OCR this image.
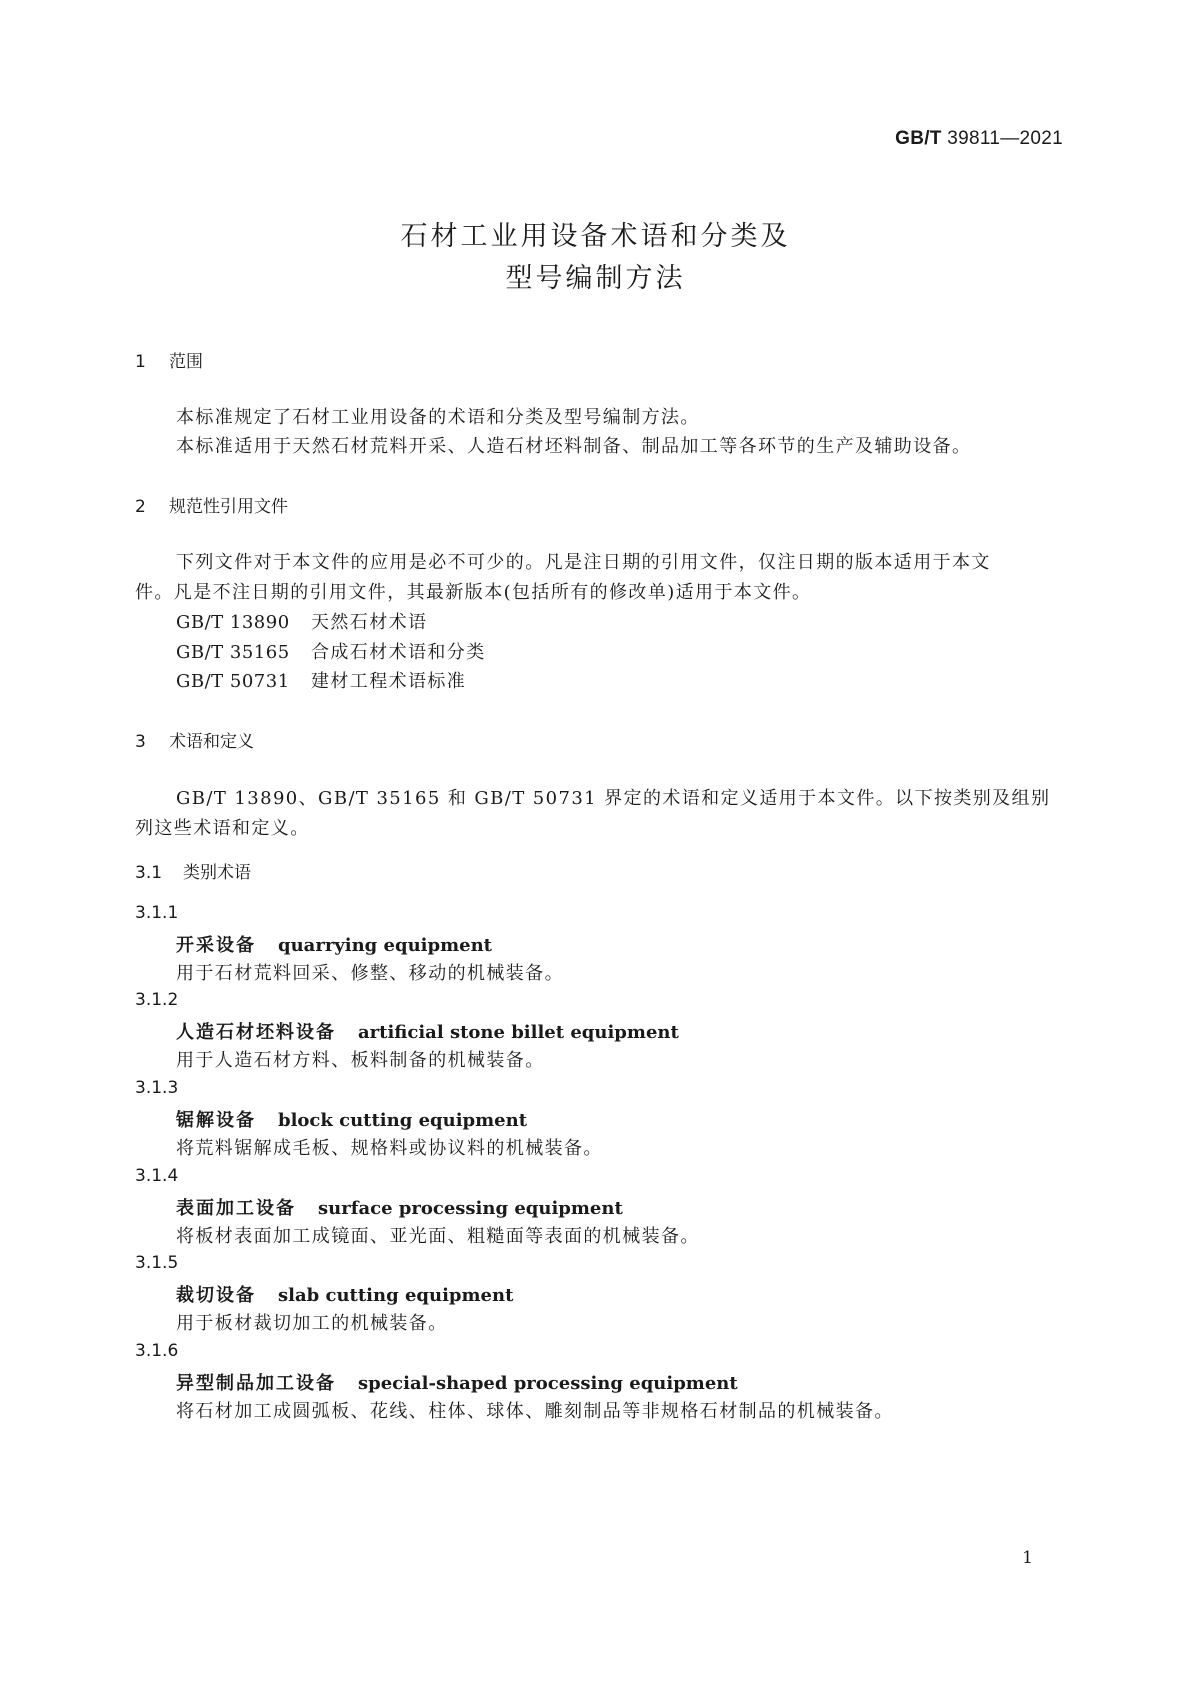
GB/T 39811—2021
石材工业用设备术语和分类及
型号编制方法
1 范围
本标准规定了石材工业用设备的术语和分类及型号编制方法。
本标准适用于天然石材荒料开采、人造石材坯料制备、制品加工等各环节的生产及辅助设备。
2 规范性引用文件
下列文件对于本文件的应用是必不可少的。凡是注日期的引用文件，仅注日期的版本适用于本文
件。凡是不注日期的引用文件，其最新版本(包括所有的修改单)适用于本文件。
GB/T 13890 天然石材术语
GB/T 35165 合成石材术语和分类
GB/T 50731 建材工程术语标准
3 术语和定义
GB/T 13890、GB/T 35165 和 GB/T 50731 界定的术语和定义适用于本文件。以下按类别及组别
列这些术语和定义。
3.1 类别术语
3.1.1
开采设备 quarrying equipment
用于石材荒料回采、修整、移动的机械装备。
3.1.2
人造石材坯料设备 artificial stone billet equipment
用于人造石材方料、板料制备的机械装备。
3.1.3
锯解设备 block cutting equipment
将荒料锯解成毛板、规格料或协议料的机械装备。
3.1.4
表面加工设备 surface processing equipment
将板材表面加工成镜面、亚光面、粗糙面等表面的机械装备。
3.1.5
裁切设备 slab cutting equipment
用于板材裁切加工的机械装备。
3.1.6
异型制品加工设备 special-shaped processing equipment
将石材加工成圆弧板、花线、柱体、球体、雕刻制品等非规格石材制品的机械装备。
1
